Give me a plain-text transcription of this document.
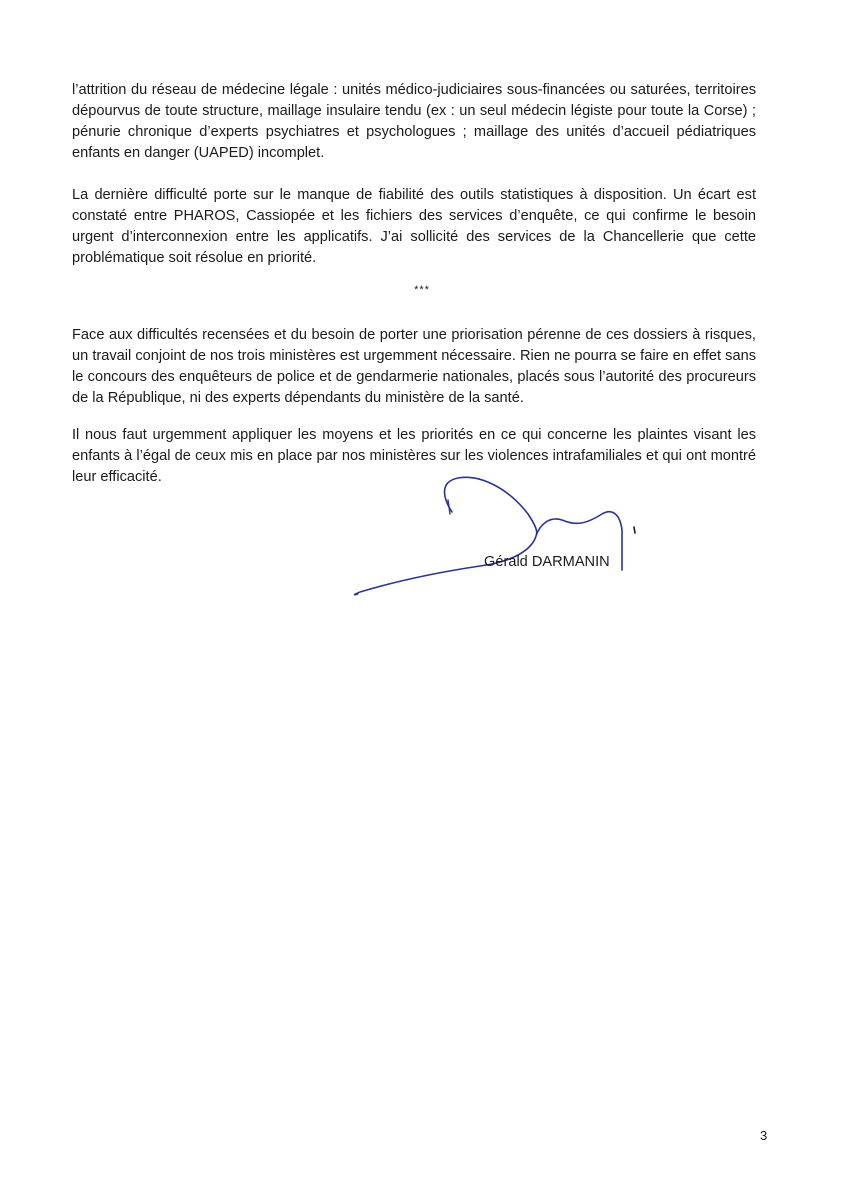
l’attrition du réseau de médecine légale : unités médico-judiciaires sous-financées ou saturées, territoires dépourvus de toute structure, maillage insulaire tendu (ex : un seul médecin légiste pour toute la Corse) ; pénurie chronique d’experts psychiatres et psychologues ; maillage des unités d’accueil pédiatriques enfants en danger (UAPED) incomplet.

La dernière difficulté porte sur le manque de fiabilité des outils statistiques à disposition. Un écart est constaté entre PHAROS, Cassiopée et les fichiers des services d’enquête, ce qui confirme le besoin urgent d’interconnexion entre les applicatifs. J’ai sollicité des services de la Chancellerie que cette problématique soit résolue en priorité.

***

Face aux difficultés recensées et du besoin de porter une priorisation pérenne de ces dossiers à risques, un travail conjoint de nos trois ministères est urgemment nécessaire. Rien ne pourra se faire en effet sans le concours des enquêteurs de police et de gendarmerie nationales, placés sous l’autorité des procureurs de la République, ni des experts dépendants du ministère de la santé.

Il nous faut urgemment appliquer les moyens et les priorités en ce qui concerne les plaintes visant les enfants à l’égal de ceux mis en place par nos ministères sur les violences intrafamiliales et qui ont montré leur efficacité.

Gérald DARMANIN

3
